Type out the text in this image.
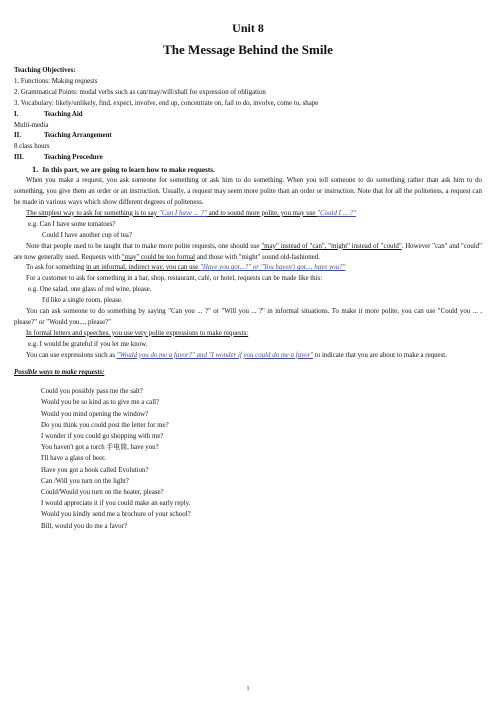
Unit 8

The Message Behind the Smile

Teaching Objectives:

1. Functions: Making requests

2. Grammatical Points: modal verbs such as can/may/will/shall for expression of obligation

3. Vocabulary: likely/unlikely, find, expect, involve, end up, concentrate on, fail to do, involve, come to, shape

I.	Teaching Aid

Multi-media

II.	Teaching Arrangement

8 class hours

III.	Teaching Procedure
1. In this part, we are going to learn how to make requests.

When you make a request, you ask someone for something or ask him to do something. When you tell someone to do something rather than ask him to do something, you give them an order or an instruction. Usually, a request may seem more polite than an order or instruction. Note that for all the politeness, a request can be made in various ways which show different degrees of politeness.

The simplest way to ask for something is to say "Can I have ... ?" and to sound more polite, you may use "Could I ... ?"

e.g. Can I have some tomatoes?

Could I have another cup of tea?

Note that people used to be taught that to make more polite requests, one should use "may" instead of "can", "might" instead of "could". However "can" and "could" are now generally used. Requests with "may" could be too formal and those with "might" sound old-fashioned.

To ask for something in an informal, indirect way, you can use "Have you got...?" or "You haven't got..., have you?"

For a customer to ask for something in a bar, shop, restaurant, café, or hotel, requests can be made like this:

e.g. One salad, one glass of red wine, please.

I'd like a single room, please.

You can ask someone to do something by saying "Can you ... ?" or "Will you ... ?" in informal situations. To make it more polite, you can use "Could you ... , please?" or "Would you..., please?"

In formal letters and speeches, you use very polite expressions to make requests:

e.g. I would be grateful if you let me know.

You can use expressions such as "Would you do me a favor?" and "I wonder if you could do me a favor" to indicate that you are about to make a request.

Possible ways to make requests:

Could you possibly pass me the salt?

Would you be so kind as to give me a call?

Would you mind opening the window?

Do you think you could post the letter for me?

I wonder if you could go shopping with me?

You haven't got a torch 手电筒, have you?

I'll have a glass of beer.

Have you got a book called Evolution?

Can /Will you turn on the light?

Could/Would you turn on the heater, please?

I would appreciate it if you could make an early reply.

Would you kindly send me a brochure of your school?

Bill, would you do me a favor?

1
